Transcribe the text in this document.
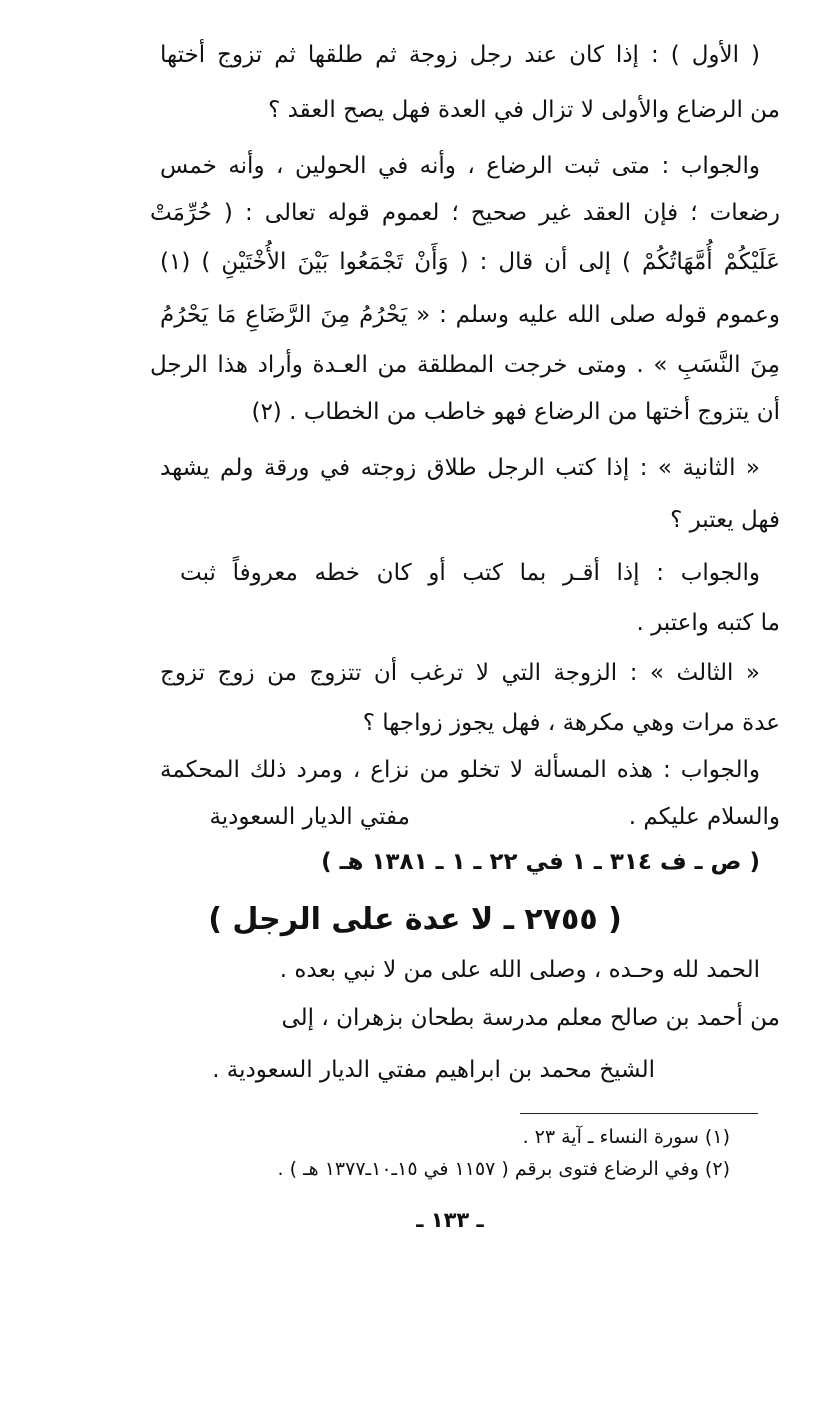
( الأول ) : إذا كان عند رجل زوجة ثم طلقها ثم تزوج أختها
من الرضاع والأولى لا تزال في العدة فهل يصح العقد ؟
والجواب : متى ثبت الرضاع ، وأنه في الحولين ، وأنه خمس
رضعات ؛ فإن العقد غير صحيح ؛ لعموم قوله تعالى : ( حُرِّمَتْ
عَلَيْكُمْ أُمَّهَاتُكُمْ ) إلى أن قال : ( وَأَنْ تَجْمَعُوا بَيْنَ الأُخْتَيْنِ ) (١)
وعموم قوله صلى الله عليه وسلم : « يَحْرُمُ مِنَ الرَّضَاعِ مَا يَحْرُمُ
مِنَ النَّسَبِ » . ومتى خرجت المطلقة من العـدة وأراد هذا الرجل
أن يتزوج أختها من الرضاع فهو خاطب من الخطاب . (٢)
« الثانية » : إذا كتب الرجل طلاق زوجته في ورقة ولم يشهد
فهل يعتبر ؟
والجواب : إذا أقـر بما كتب أو كان خطه معروفاً ثبت
ما كتبه واعتبر .
« الثالث » : الزوجة التي لا ترغب أن تتزوج من زوج تزوج
عدة مرات وهي مكرهة ، فهل يجوز زواجها ؟
والجواب : هذه المسألة لا تخلو من نزاع ، ومرد ذلك المحكمة
والسلام عليكم .
مفتي الديار السعودية
( ص ـ ف ٣١٤ ـ ١ في ٢٢ ـ ١ ـ ١٣٨١ هـ )
( ٢٧٥٥ ـ لا عدة على الرجل )
الحمد لله وحـده ، وصلى الله على من لا نبي بعده .
من أحمد بن صالح معلم مدرسة بطحان بزهران ، إلى
الشيخ محمد بن ابراهيم مفتي الديار السعودية .
(١) سورة النساء ـ آية ٢٣ .
(٢) وفي الرضاع فتوى برقم ( ١١٥٧ في ١٥ـ١٠ـ١٣٧٧ هـ ) .
ـ ١٣٣ ـ
